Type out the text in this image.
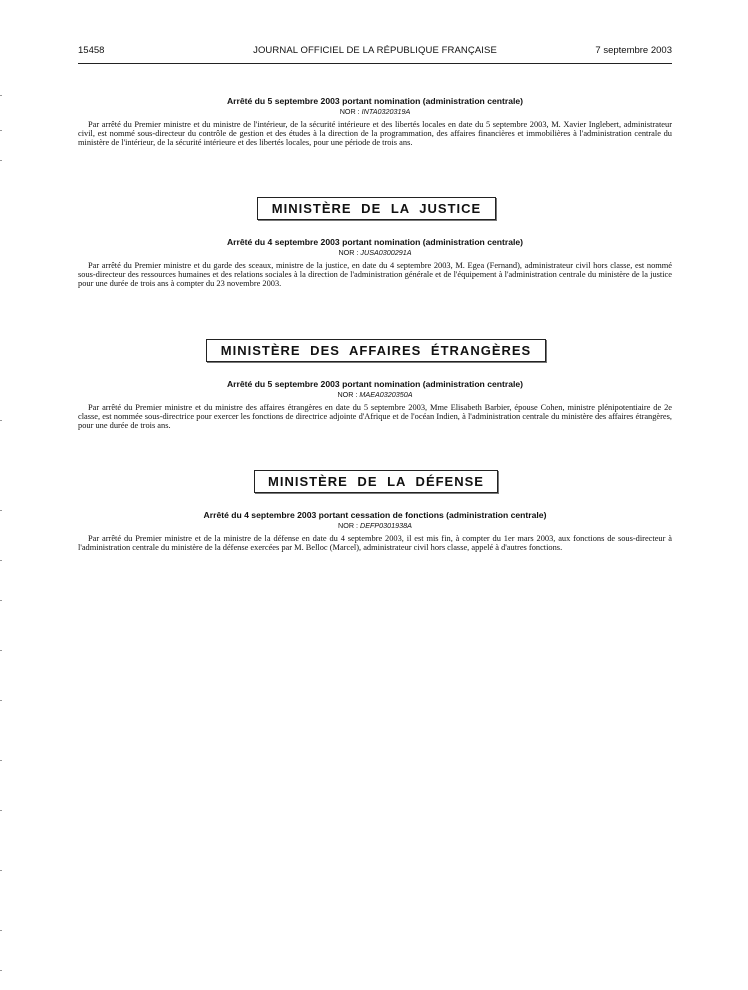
15458	JOURNAL OFFICIEL DE LA RÉPUBLIQUE FRANÇAISE	7 septembre 2003

Arrêté du 5 septembre 2003 portant nomination (administration centrale)

NOR : INTA0320319A

Par arrêté du Premier ministre et du ministre de l'intérieur, de la sécurité intérieure et des libertés locales en date du 5 septembre 2003, M. Xavier Inglebert, administrateur civil, est nommé sous-directeur du contrôle de gestion et des études à la direction de la programmation, des affaires financières et immobilières à l'administration centrale du ministère de l'intérieur, de la sécurité intérieure et des libertés locales, pour une période de trois ans.

MINISTÈRE DE LA JUSTICE

Arrêté du 4 septembre 2003 portant nomination (administration centrale)

NOR : JUSA0300291A

Par arrêté du Premier ministre et du garde des sceaux, ministre de la justice, en date du 4 septembre 2003, M. Egea (Fernand), administrateur civil hors classe, est nommé sous-directeur des ressources humaines et des relations sociales à la direction de l'administration générale et de l'équipement à l'administration centrale du ministère de la justice pour une durée de trois ans à compter du 23 novembre 2003.

MINISTÈRE DES AFFAIRES ÉTRANGÈRES

Arrêté du 5 septembre 2003 portant nomination (administration centrale)

NOR : MAEA0320350A

Par arrêté du Premier ministre et du ministre des affaires étrangères en date du 5 septembre 2003, Mme Elisabeth Barbier, épouse Cohen, ministre plénipotentiaire de 2e classe, est nommée sous-directrice pour exercer les fonctions de directrice adjointe d'Afrique et de l'océan Indien, à l'administration centrale du ministère des affaires étrangères, pour une durée de trois ans.

MINISTÈRE DE LA DÉFENSE

Arrêté du 4 septembre 2003 portant cessation de fonctions (administration centrale)

NOR : DEFP0301938A

Par arrêté du Premier ministre et de la ministre de la défense en date du 4 septembre 2003, il est mis fin, à compter du 1er mars 2003, aux fonctions de sous-directeur à l'administration centrale du ministère de la défense exercées par M. Belloc (Marcel), administrateur civil hors classe, appelé à d'autres fonctions.
